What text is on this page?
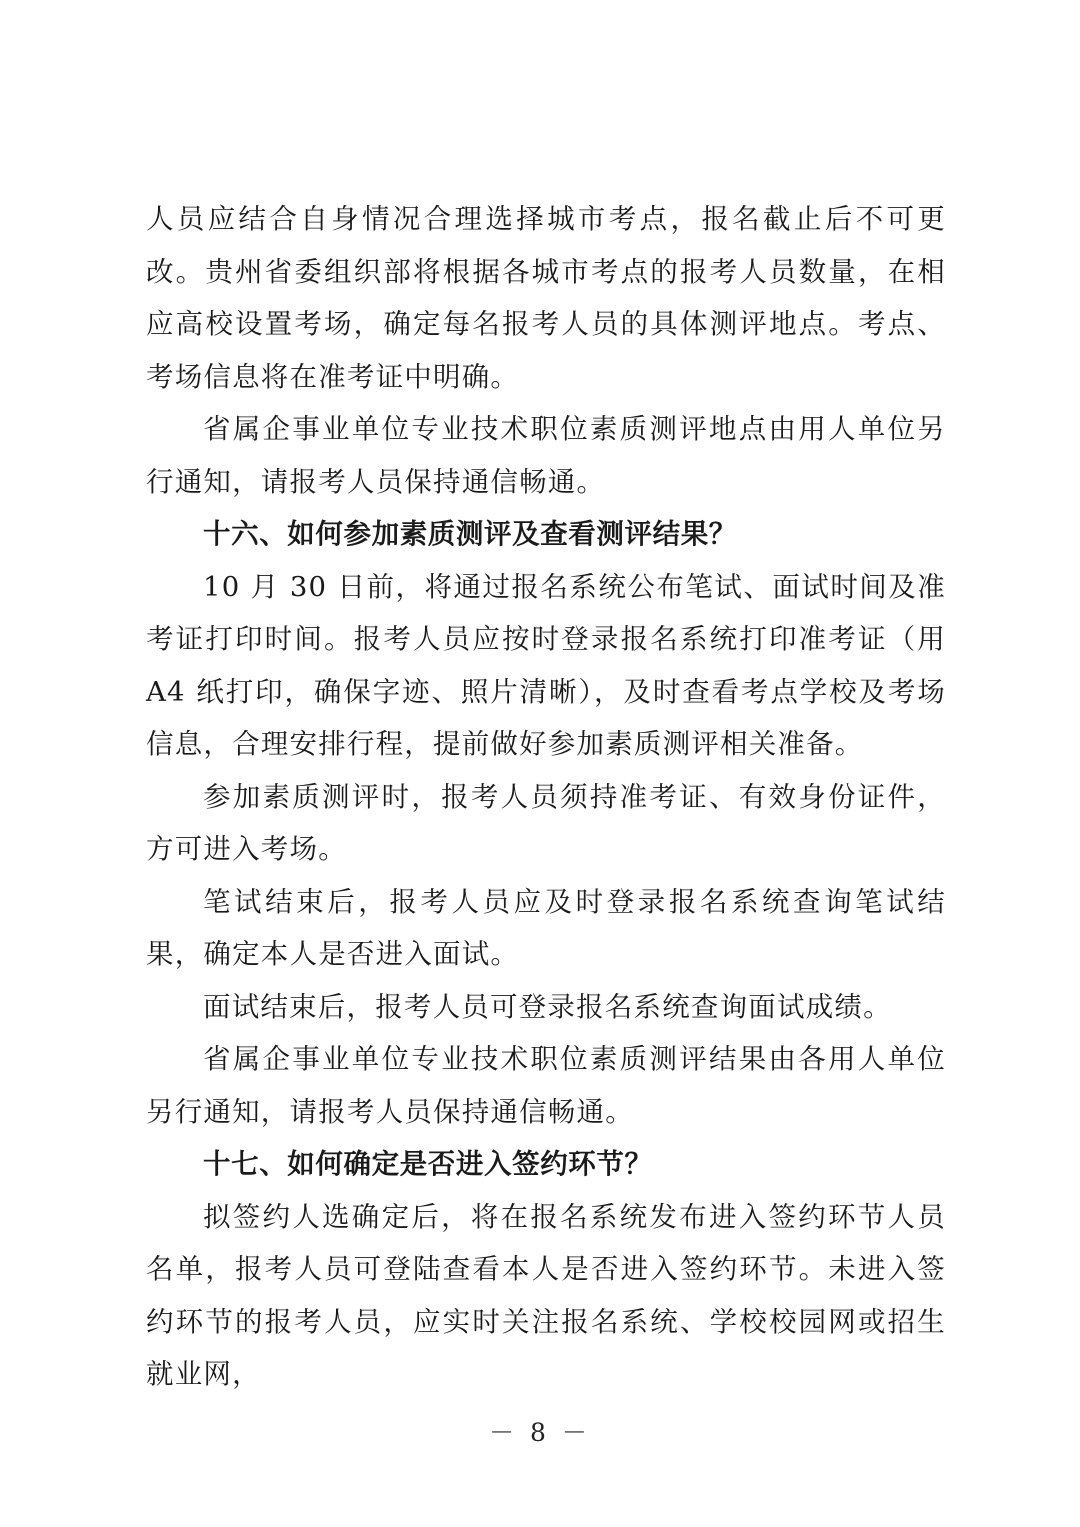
人员应结合自身情况合理选择城市考点，报名截止后不可更改。贵州省委组织部将根据各城市考点的报考人员数量，在相应高校设置考场，确定每名报考人员的具体测评地点。考点、考场信息将在准考证中明确。

省属企事业单位专业技术职位素质测评地点由用人单位另行通知，请报考人员保持通信畅通。

十六、如何参加素质测评及查看测评结果？

10 月 30 日前，将通过报名系统公布笔试、面试时间及准考证打印时间。报考人员应按时登录报名系统打印准考证（用 A4 纸打印，确保字迹、照片清晰），及时查看考点学校及考场信息，合理安排行程，提前做好参加素质测评相关准备。

参加素质测评时，报考人员须持准考证、有效身份证件，方可进入考场。

笔试结束后，报考人员应及时登录报名系统查询笔试结果，确定本人是否进入面试。

面试结束后，报考人员可登录报名系统查询面试成绩。

省属企事业单位专业技术职位素质测评结果由各用人单位另行通知，请报考人员保持通信畅通。

十七、如何确定是否进入签约环节？

拟签约人选确定后，将在报名系统发布进入签约环节人员名单，报考人员可登陆查看本人是否进入签约环节。未进入签约环节的报考人员，应实时关注报名系统、学校校园网或招生就业网，

－ 8 －
